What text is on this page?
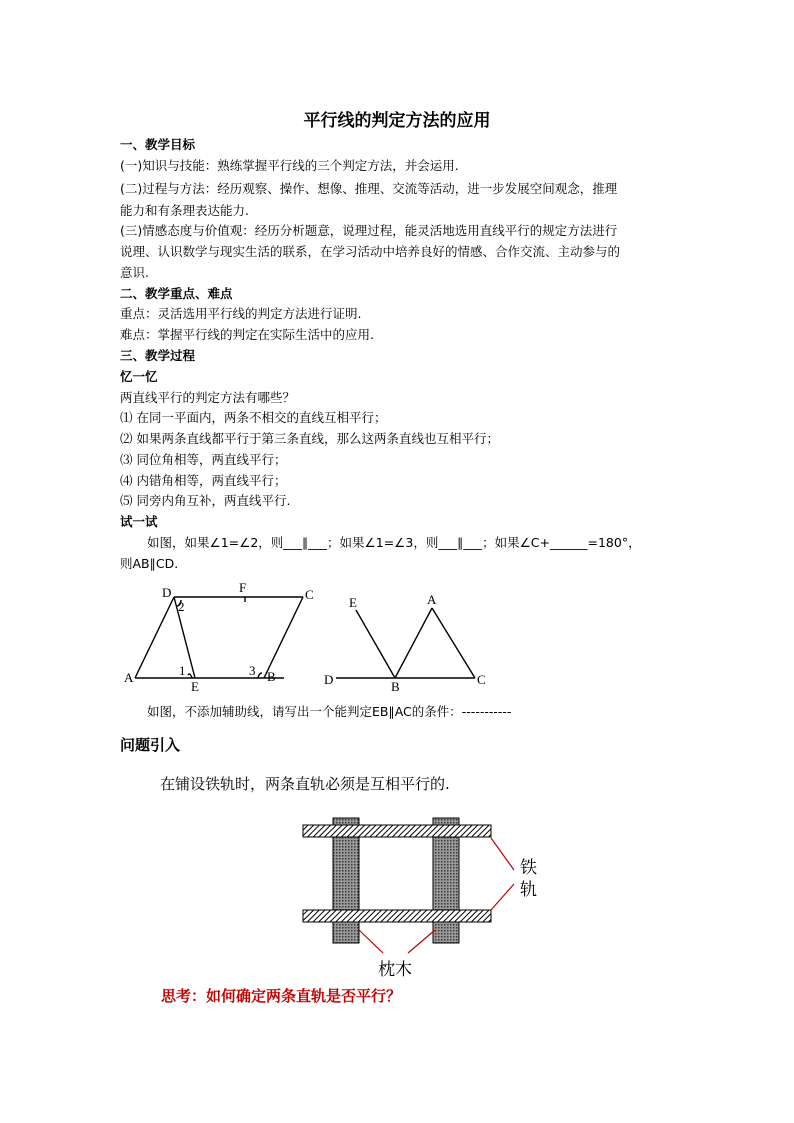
平行线的判定方法的应用
一、教学目标
(一)知识与技能：熟练掌握平行线的三个判定方法，并会运用.
(二)过程与方法：经历观察、操作、想像、推理、交流等活动，进一步发展空间观念，推理
能力和有条理表达能力.
(三)情感态度与价值观：经历分析题意，说理过程，能灵活地选用直线平行的规定方法进行
说理、认识数学与现实生活的联系，在学习活动中培养良好的情感、合作交流、主动参与的
意识.
二、教学重点、难点
重点：灵活选用平行线的判定方法进行证明.
难点：掌握平行线的判定在实际生活中的应用.
三、教学过程
忆一忆
两直线平行的判定方法有哪些？
⑴ 在同一平面内，两条不相交的直线互相平行；
⑵ 如果两条直线都平行于第三条直线，那么这两条直线也互相平行；
⑶ 同位角相等，两直线平行；
⑷ 内错角相等，两直线平行；
⑸ 同旁内角互补，两直线平行.
试一试
如图，如果∠1=∠2，则___∥___；如果∠1=∠3，则___∥___；如果∠C+______=180°，
则AB∥CD.
D
2
F	C
A	1
E
3 B
E	A
D	B	C
如图，不添加辅助线，请写出一个能判定EB∥AC的条件：-----------
问题引入
在铺设铁轨时，两条直轨必须是互相平行的.
铁
轨
枕木
思考：如何确定两条直轨是否平行？
